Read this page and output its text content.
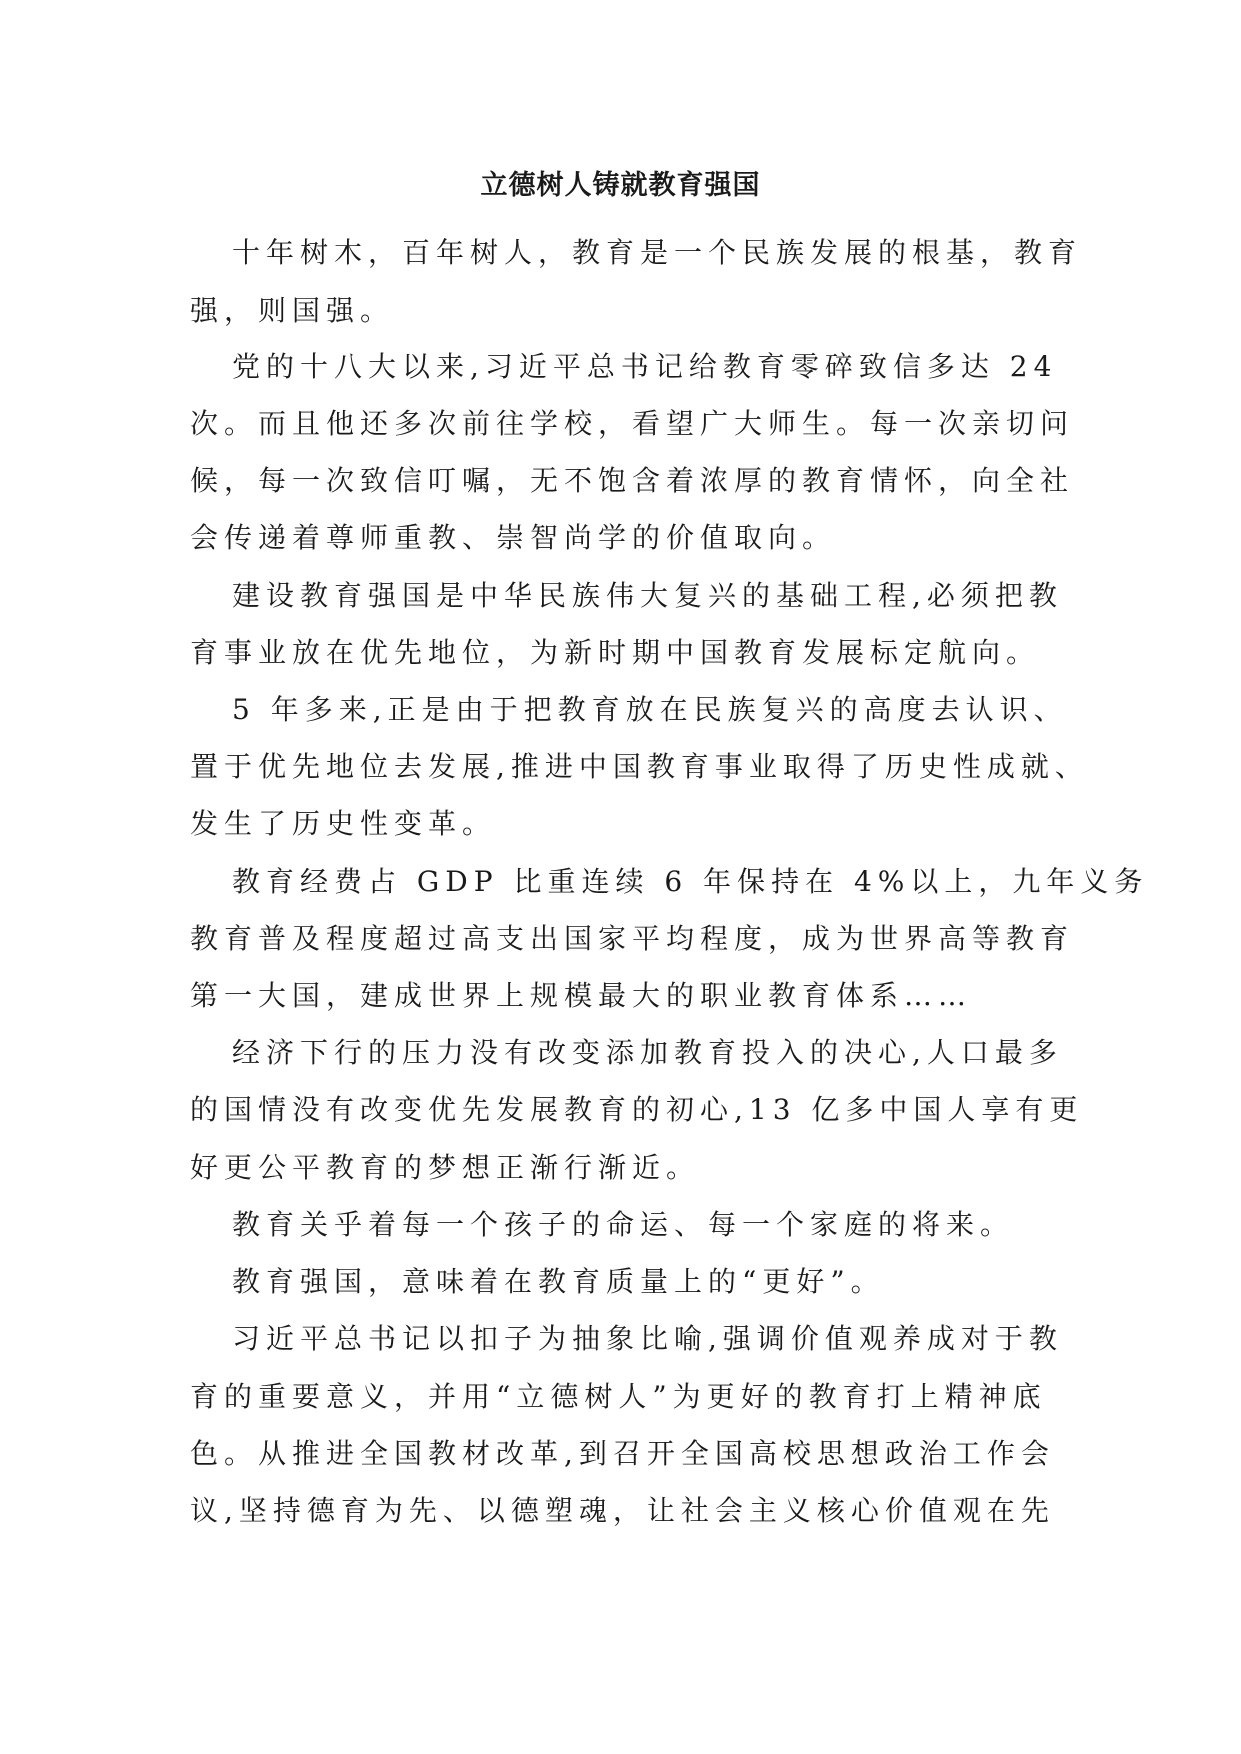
立德树人铸就教育强国

十年树木，百年树人，教育是一个民族发展的根基，教育

强，则国强。

党的十八大以来,习近平总书记给教育零碎致信多达 24

次。而且他还多次前往学校，看望广大师生。每一次亲切问

候，每一次致信叮嘱，无不饱含着浓厚的教育情怀，向全社

会传递着尊师重教、崇智尚学的价值取向。

建设教育强国是中华民族伟大复兴的基础工程,必须把教

育事业放在优先地位，为新时期中国教育发展标定航向。

5 年多来,正是由于把教育放在民族复兴的高度去认识、

置于优先地位去发展,推进中国教育事业取得了历史性成就、

发生了历史性变革。

教育经费占 GDP 比重连续 6 年保持在 4%以上，九年义务

教育普及程度超过高支出国家平均程度，成为世界高等教育

第一大国，建成世界上规模最大的职业教育体系……

经济下行的压力没有改变添加教育投入的决心,人口最多

的国情没有改变优先发展教育的初心,13 亿多中国人享有更

好更公平教育的梦想正渐行渐近。

教育关乎着每一个孩子的命运、每一个家庭的将来。

教育强国，意味着在教育质量上的“更好”。

习近平总书记以扣子为抽象比喻,强调价值观养成对于教

育的重要意义，并用“立德树人”为更好的教育打上精神底

色。从推进全国教材改革,到召开全国高校思想政治工作会

议,坚持德育为先、以德塑魂，让社会主义核心价值观在先
